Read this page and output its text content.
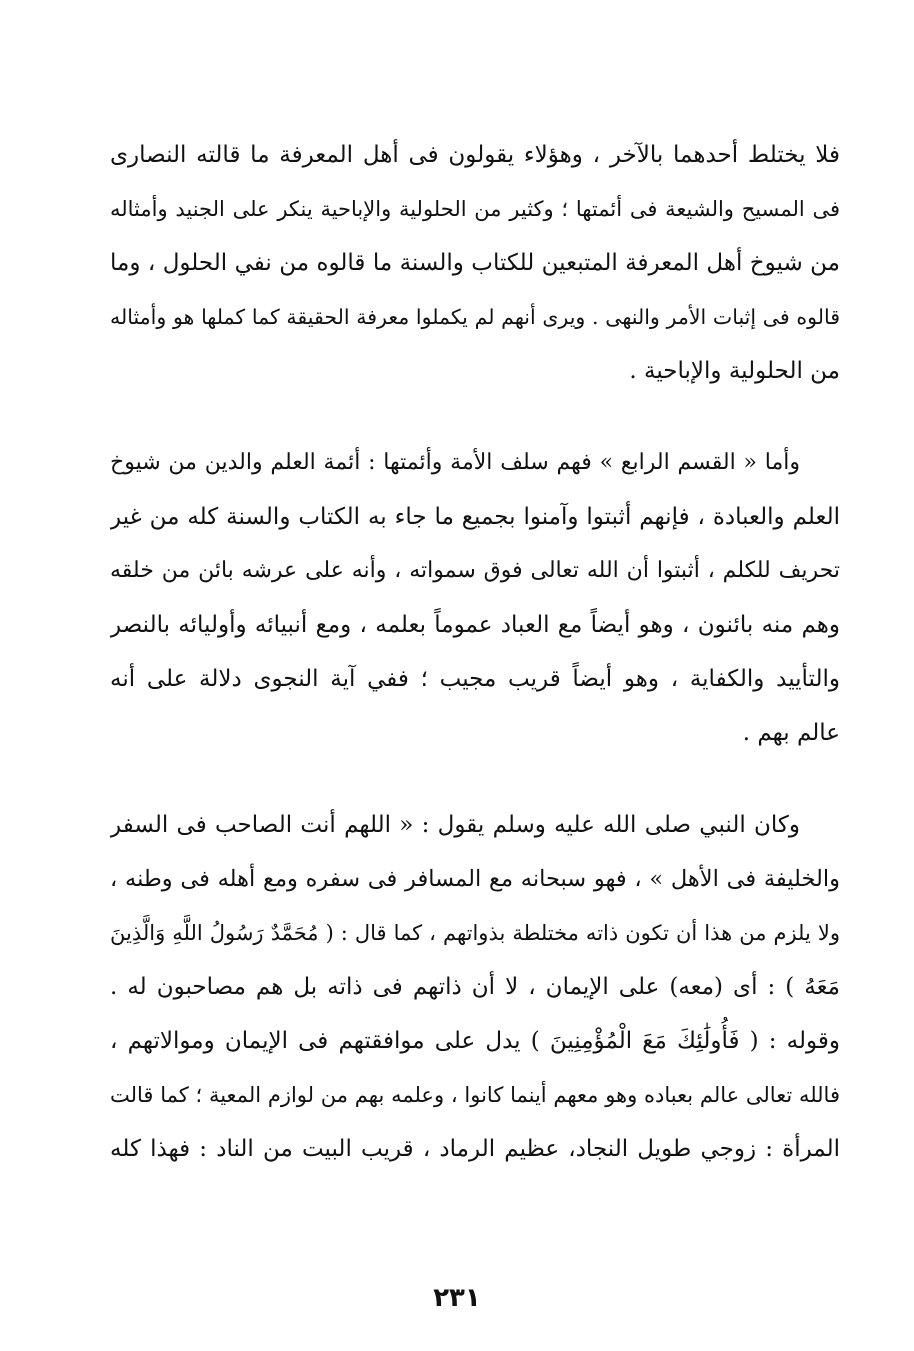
فلا يختلط أحدهما بالآخر ، وهؤلاء يقولون فى أهل المعرفة ما قالته النصارى
فى المسيح والشيعة فى أئمتها ؛ وكثير من الحلولية والإباحية ينكر على الجنيد وأمثاله
من شيوخ أهل المعرفة المتبعين للكتاب والسنة ما قالوه من نفي الحلول ، وما
قالوه فى إثبات الأمر والنهى . ويرى أنهم لم يكملوا معرفة الحقيقة كما كملها هو وأمثاله
من الحلولية والإباحية .
وأما « القسم الرابع » فهم سلف الأمة وأئمتها : أئمة العلم والدين من شيوخ
العلم والعبادة ، فإنهم أثبتوا وآمنوا بجميع ما جاء به الكتاب والسنة كله من غير
تحريف للكلم ، أثبتوا أن الله تعالى فوق سمواته ، وأنه على عرشه بائن من خلقه
وهم منه بائنون ، وهو أيضاً مع العباد عموماً بعلمه ، ومع أنبيائه وأوليائه بالنصر
والتأييد والكفاية ، وهو أيضاً قريب مجيب ؛ ففي آية النجوى دلالة على أنه
عالم بهم .
وكان النبي صلى الله عليه وسلم يقول : « اللهم أنت الصاحب فى السفر
والخليفة فى الأهل » ، فهو سبحانه مع المسافر فى سفره ومع أهله فى وطنه ،
ولا يلزم من هذا أن تكون ذاته مختلطة بذواتهم ، كما قال : ( مُحَمَّدٌ رَسُولُ اللَّهِ وَالَّذِينَ
مَعَهُ ) : أى (معه) على الإيمان ، لا أن ذاتهم فى ذاته بل هم مصاحبون له .
وقوله : ( فَأُولَٰئِكَ مَعَ الْمُؤْمِنِينَ ) يدل على موافقتهم فى الإيمان وموالاتهم ،
فالله تعالى عالم بعباده وهو معهم أينما كانوا ، وعلمه بهم من لوازم المعية ؛ كما قالت
المرأة : زوجي طويل النجاد، عظيم الرماد ، قريب البيت من الناد : فهذا كله
٢٣١
